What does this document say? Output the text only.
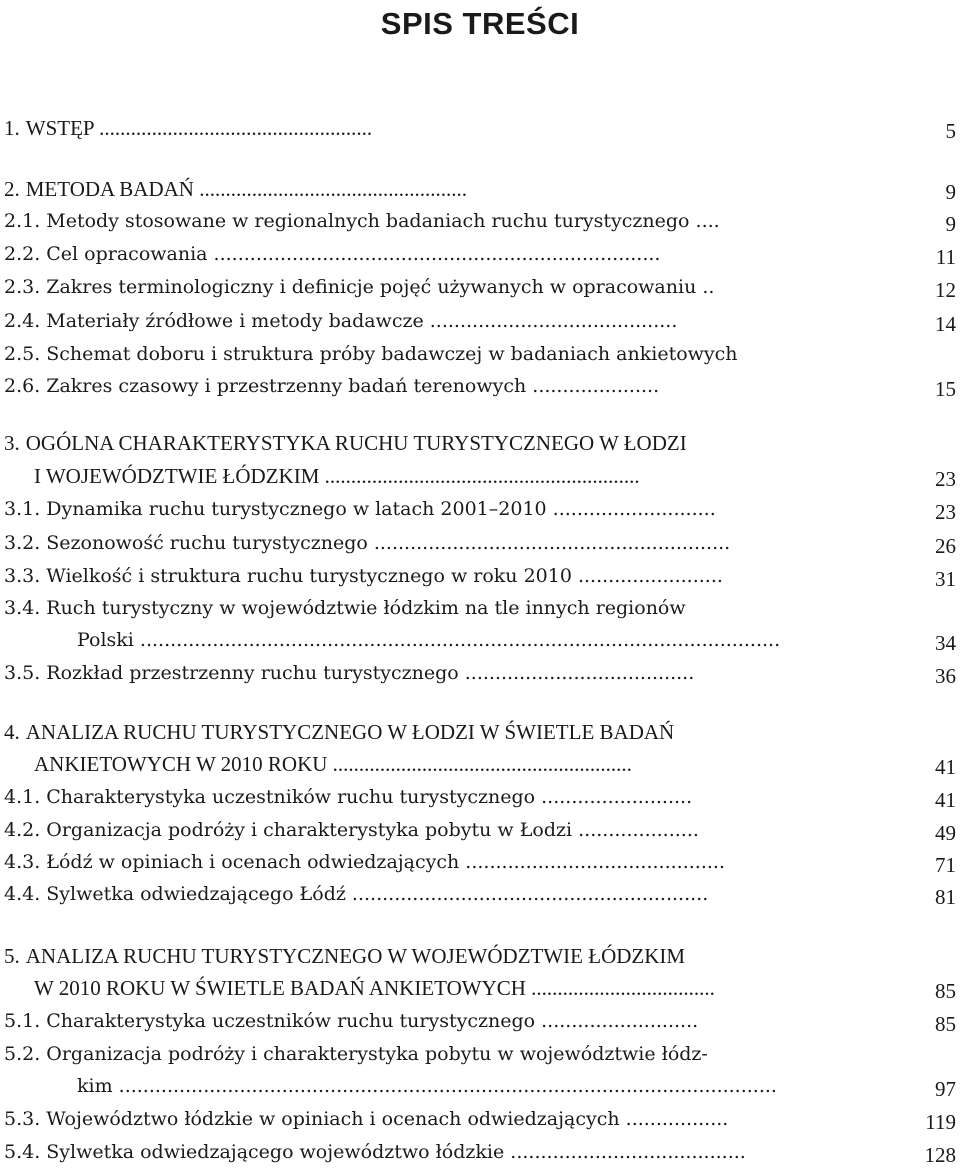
SPIS TREŚCI
1. WSTĘP ....................................................	5
2. METODA BADAŃ ...................................................	9
2.1. Metody stosowane w regionalnych badaniach ruchu turystycznego ....	9
2.2. Cel opracowania ..........................................................................	11
2.3. Zakres terminologiczny i definicje pojęć używanych w opracowaniu ..	12
2.4. Materiały źródłowe i metody badawcze .........................................	14
2.5. Schemat doboru i struktura próby badawczej w badaniach ankietowych
2.6. Zakres czasowy i przestrzenny badań terenowych .....................	15
3. OGÓLNA CHARAKTERYSTYKA RUCHU TURYSTYCZNEGO W ŁODZI
I WOJEWÓDZTWIE ŁÓDZKIM ............................................................	23
3.1. Dynamika ruchu turystycznego w latach 2001–2010 ...........................	23
3.2. Sezonowość ruchu turystycznego ...........................................................	26
3.3. Wielkość i struktura ruchu turystycznego w roku 2010 ........................	31
3.4. Ruch turystyczny w województwie łódzkim na tle innych regionów
Polski ..........................................................................................................	34
3.5. Rozkład przestrzenny ruchu turystycznego ......................................	36
4. ANALIZA RUCHU TURYSTYCZNEGO W ŁODZI W ŚWIETLE BADAŃ
ANKIETOWYCH W 2010 ROKU .........................................................	41
4.1. Charakterystyka uczestników ruchu turystycznego .........................	41
4.2. Organizacja podróży i charakterystyka pobytu w Łodzi ....................	49
4.3. Łódź w opiniach i ocenach odwiedzających ...........................................	71
4.4. Sylwetka odwiedzającego Łódź ...........................................................	81
5. ANALIZA RUCHU TURYSTYCZNEGO W WOJEWÓDZTWIE ŁÓDZKIM
W 2010 ROKU W ŚWIETLE BADAŃ ANKIETOWYCH ...................................	85
5.1. Charakterystyka uczestników ruchu turystycznego ..........................	85
5.2. Organizacja podróży i charakterystyka pobytu w województwie łódz-
kim .............................................................................................................	97
5.3. Województwo łódzkie w opiniach i ocenach odwiedzających .................	119
5.4. Sylwetka odwiedzającego województwo łódzkie .......................................	128
